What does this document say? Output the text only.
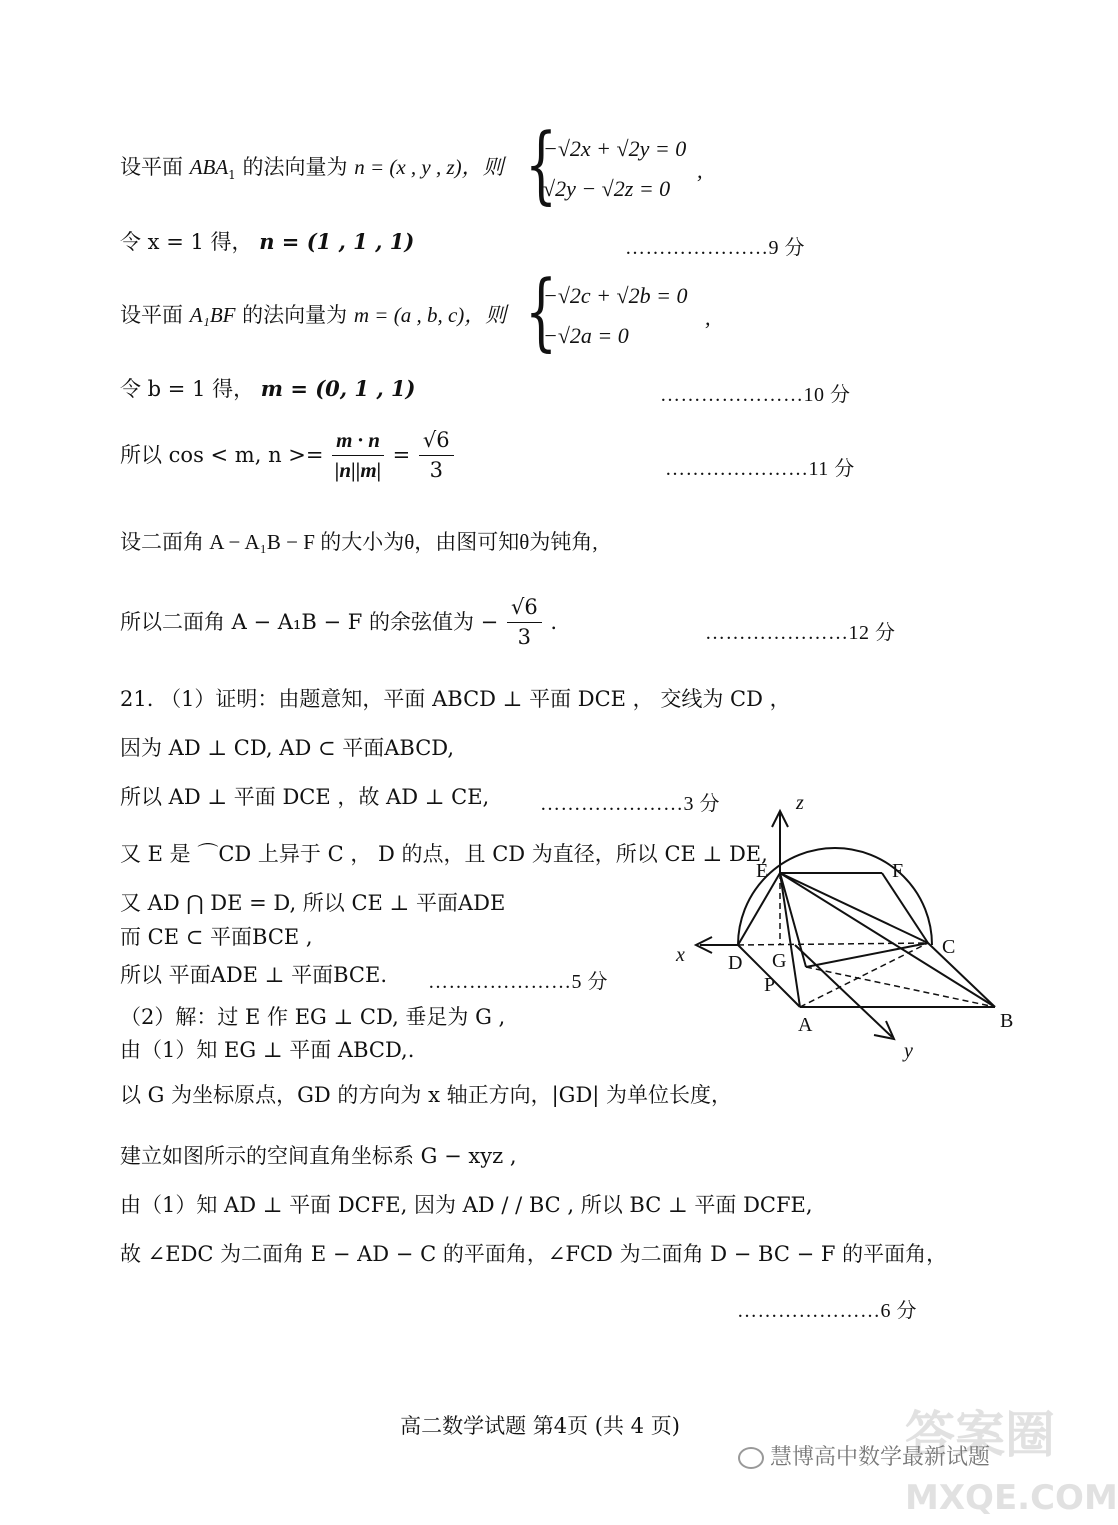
设平面 $ABA_1$ 的法向量为 n = (x , y , z)，则 {
−√2x + √2y = 0
√2y − √2z = 0
,
令 x = 1 得， n = (1 , 1 , 1)	…………………9 分
设平面 A₁BF 的法向量为 m = (a , b, c)，则 {
−√2c + √2b = 0
−√2a = 0
,
令 b = 1 得， m = (0, 1 , 1)	…………………10 分
所以 cos < m, $n >= \frac{m \cdot n}{|n||m|} = \frac{√6}{3}$	…………………11 分
设二面角 A − A₁B − F 的大小为θ，由图可知θ为钝角,
所以二面角 A − A₁B − F 的余弦值为 − $\frac{√6}{3}$ .	…………………12 分
21. （1）证明：由题意知，平面 ABCD ⊥ 平面 DCE ， 交线为 CD ，
因为 AD ⊥ CD, AD ⊂ 平面ABCD,
所以 AD ⊥ 平面 DCE ，故 AD ⊥ CE,	…………………3 分
又 E 是 ⌒CD 上异于 C ， D 的点，且 CD 为直径，所以 CE ⊥ DE,
又 AD ⋂ DE = D, 所以 CE ⊥ 平面ADE
而 CE ⊂ 平面BCE ,
所以 平面ADE ⊥ 平面BCE. …………………5 分
（2）解：过 E 作 EG ⊥ CD, 垂足为 G ,
由（1）知 EG ⊥ 平面 ABCD,.
以 G 为坐标原点，GD 的方向为 x 轴正方向，|GD| 为单位长度，
建立如图所示的空间直角坐标系 G − xyz ,
由（1）知 AD ⊥ 平面 DCFE, 因为 AD / / BC , 所以 BC ⊥ 平面 DCFE,
故 ∠EDC 为二面角 E − AD − C 的平面角，∠FCD 为二面角 D − BC − F 的平面角，
…………………6 分
z
x
y
E	F
C
D G
P
A	B
高二数学试题 第4页 (共 4 页)	答案圈
慧博高中数学最新试题
MXQE.COM
